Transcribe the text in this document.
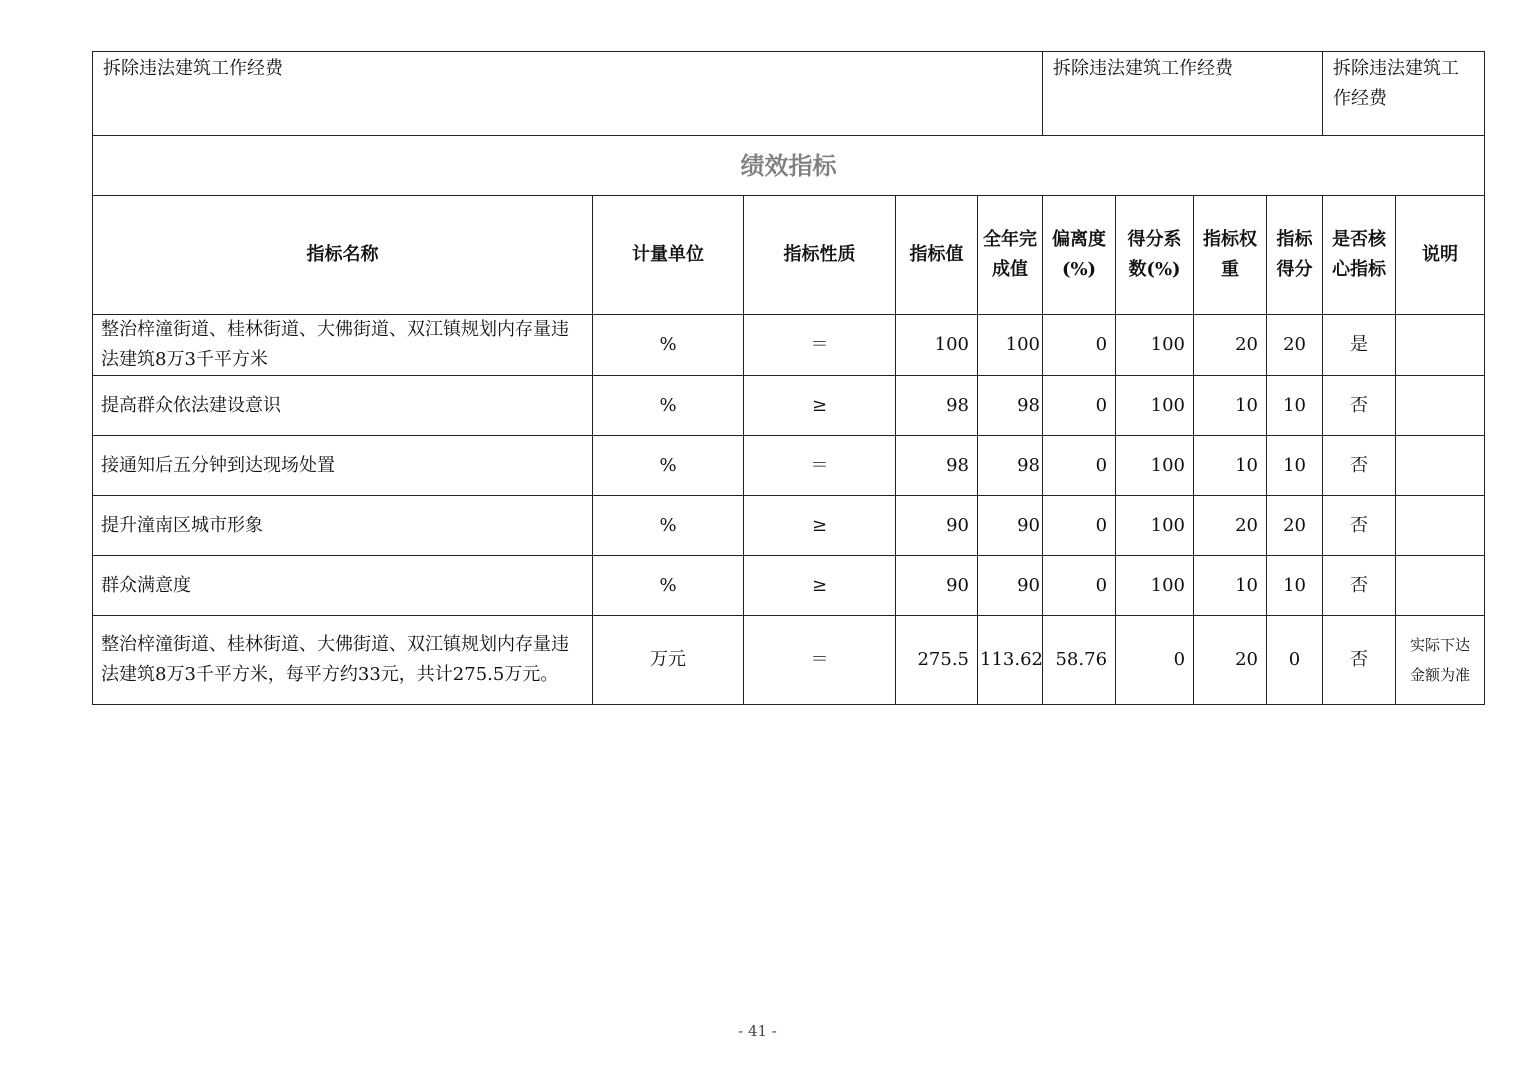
拆除违法建筑工作经费					拆除违法建筑工作经费				拆除违法建筑工作经费	
绩效指标										
指标名称	计量单位	指标性质	指标值	全年完成值	偏离度(%)	得分系数(%)	指标权重	指标得分	是否核心指标	说明
整治梓潼街道、桂林街道、大佛街道、双江镇规划内存量违法建筑8万3千平方米	%	＝	100	100	0	100	20	20	是	
提高群众依法建设意识	%	≥	98	98	0	100	10	10	否	
接通知后五分钟到达现场处置	%	＝	98	98	0	100	10	10	否	
提升潼南区城市形象	%	≥	90	90	0	100	20	20	否	
群众满意度	%	≥	90	90	0	100	10	10	否	
整治梓潼街道、桂林街道、大佛街道、双江镇规划内存量违法建筑8万3千平方米，每平方约33元，共计275.5万元。	万元	＝	275.5	113.62	58.76	0	20	0	否	实际下达金额为准
- 41 -
